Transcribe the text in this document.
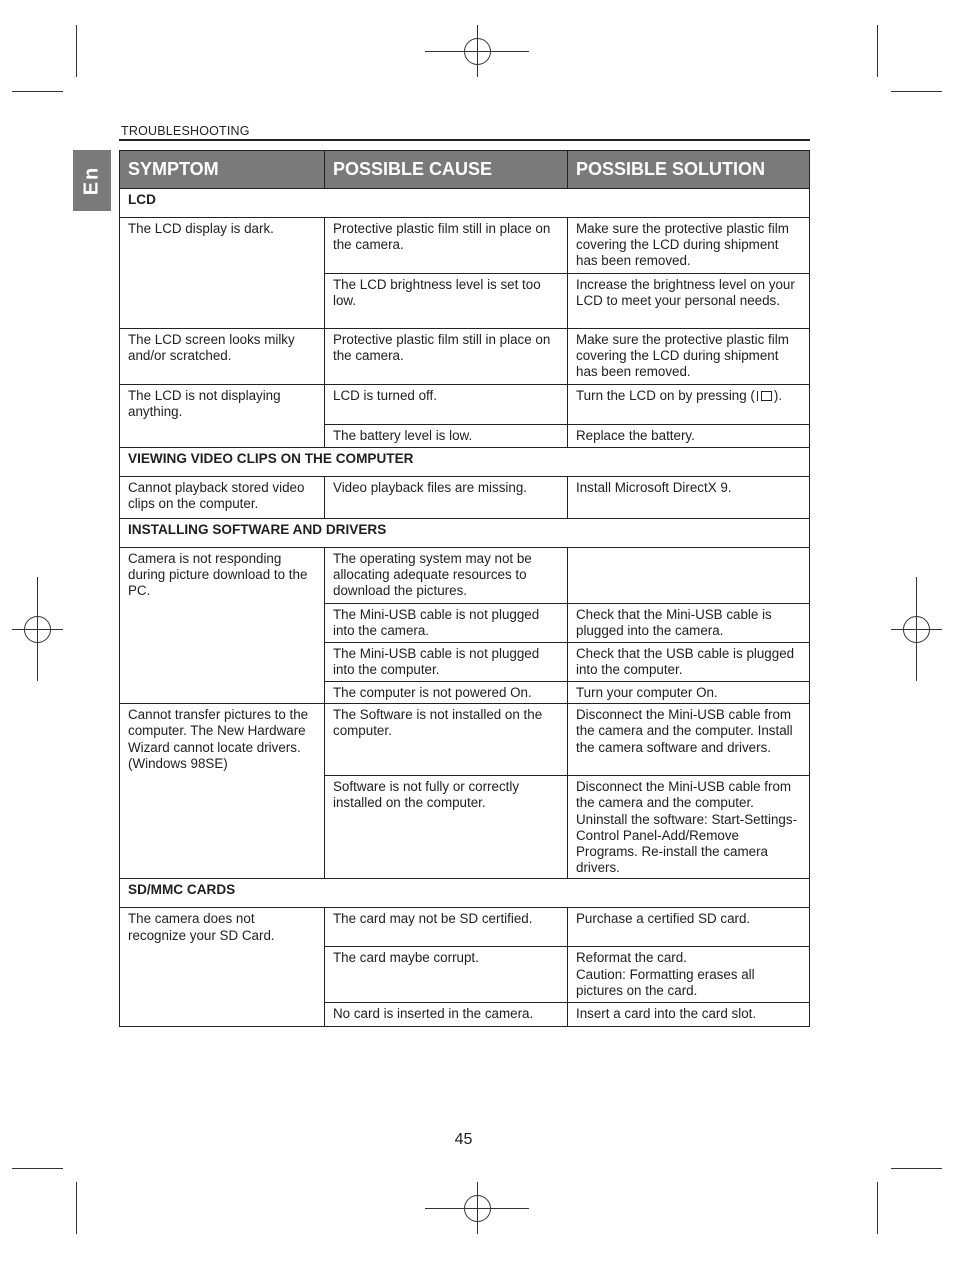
TROUBLESHOOTING
En SYMPTOM	POSSIBLE CAUSE	POSSIBLE SOLUTION
LCD		
The LCD display is dark.	Protective plastic film still in place on the camera.	Make sure the protective plastic film covering the LCD during shipment has been removed.
	The LCD brightness level is set too low.	Increase the brightness level on your LCD to meet your personal needs.
The LCD screen looks milky and/or scratched.	Protective plastic film still in place on the camera.	Make sure the protective plastic film covering the LCD during shipment has been removed.
The LCD is not displaying anything.	LCD is turned off.	Turn the LCD on by pressing ( ).
	The battery level is low.	Replace the battery.
VIEWING VIDEO CLIPS ON THE COMPUTER		
Cannot playback stored video clips on the computer.	Video playback files are missing.	Install Microsoft DirectX 9.
INSTALLING SOFTWARE AND DRIVERS		
Camera is not responding during picture download to the PC.	The operating system may not be allocating adequate resources to download the pictures.	
	The Mini-USB cable is not plugged into the camera.	Check that the Mini-USB cable is plugged into the camera.
	The Mini-USB cable is not plugged into the computer.	Check that the USB cable is plugged into the computer.
	The computer is not powered On.	Turn your computer On.
Cannot transfer pictures to the computer. The New Hardware Wizard cannot locate drivers. (Windows 98SE)	The Software is not installed on the computer.	Disconnect the Mini-USB cable from the camera and the computer. Install the camera software and drivers.
	Software is not fully or correctly installed on the computer.	Disconnect the Mini-USB cable from the camera and the computer. Uninstall the software: Start-Settings-Control Panel-Add/Remove Programs. Re-install the camera drivers.
SD/MMC CARDS		
The camera does not recognize your SD Card.	The card may not be SD certified.	Purchase a certified SD card.
	The card maybe corrupt.	Reformat the card.
Caution: Formatting erases all pictures on the card.

	No card is inserted in the camera.	Insert a card into the card slot.
45
